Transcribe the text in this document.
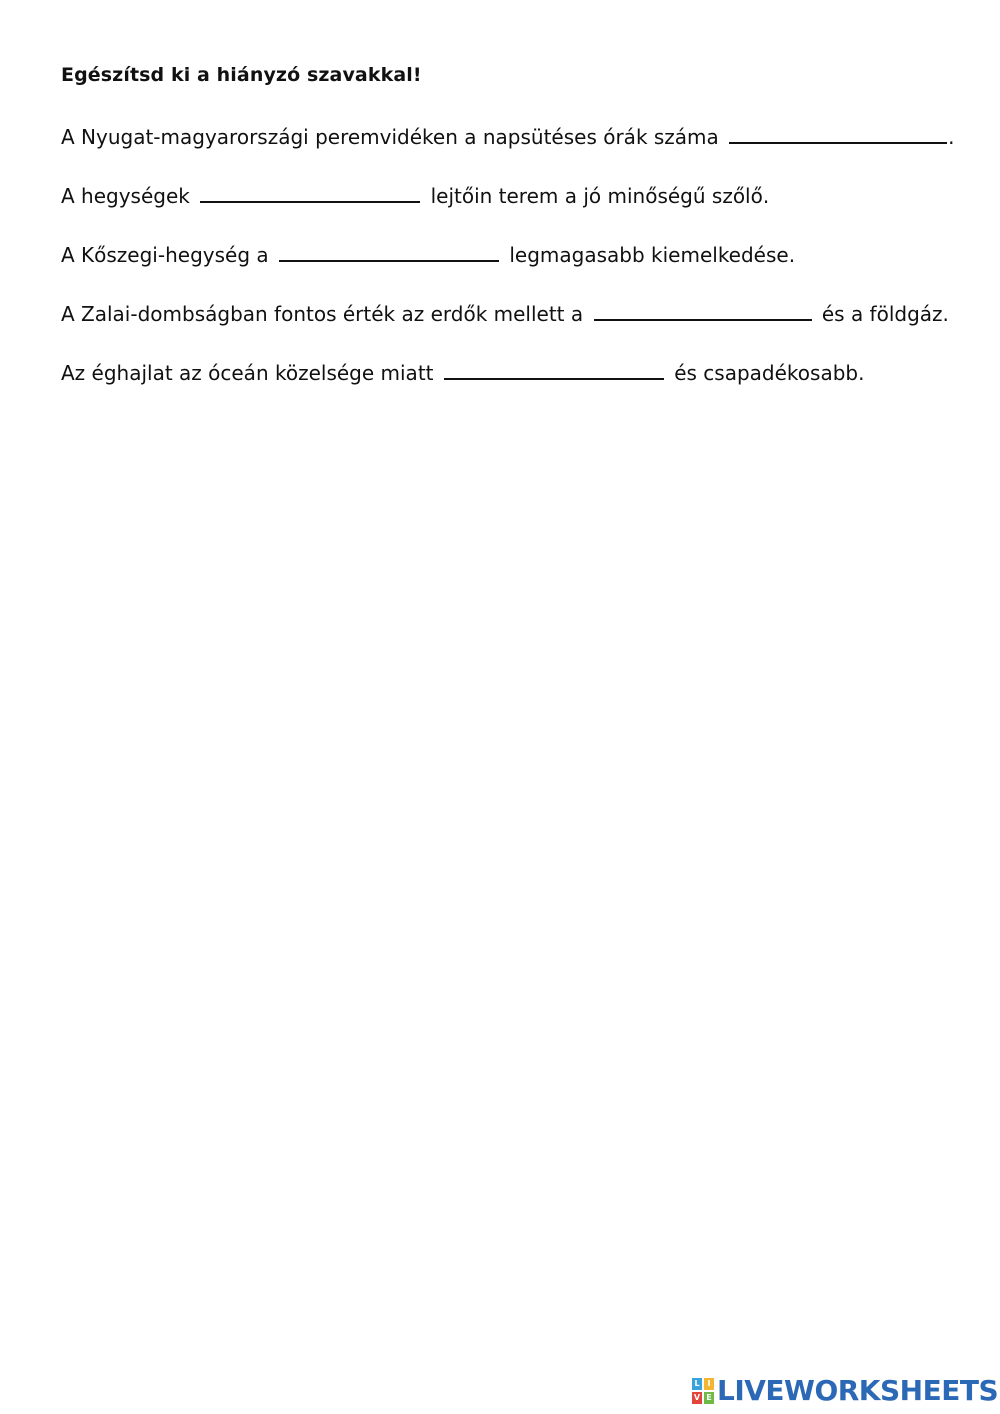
Egészítsd ki a hiányzó szavakkal!
A Nyugat-magyarországi peremvidéken a napsütéses órák száma	.
A hegységek	lejtőin terem a jó minőségű szőlő.
A Kőszegi-hegység a	legmagasabb kiemelkedése.
A Zalai-dombságban fontos érték az erdők mellett a	és a földgáz.
Az éghajlat az óceán közelsége miatt	és csapadékosabb.
L I
V E LIVEWORKSHEETS
